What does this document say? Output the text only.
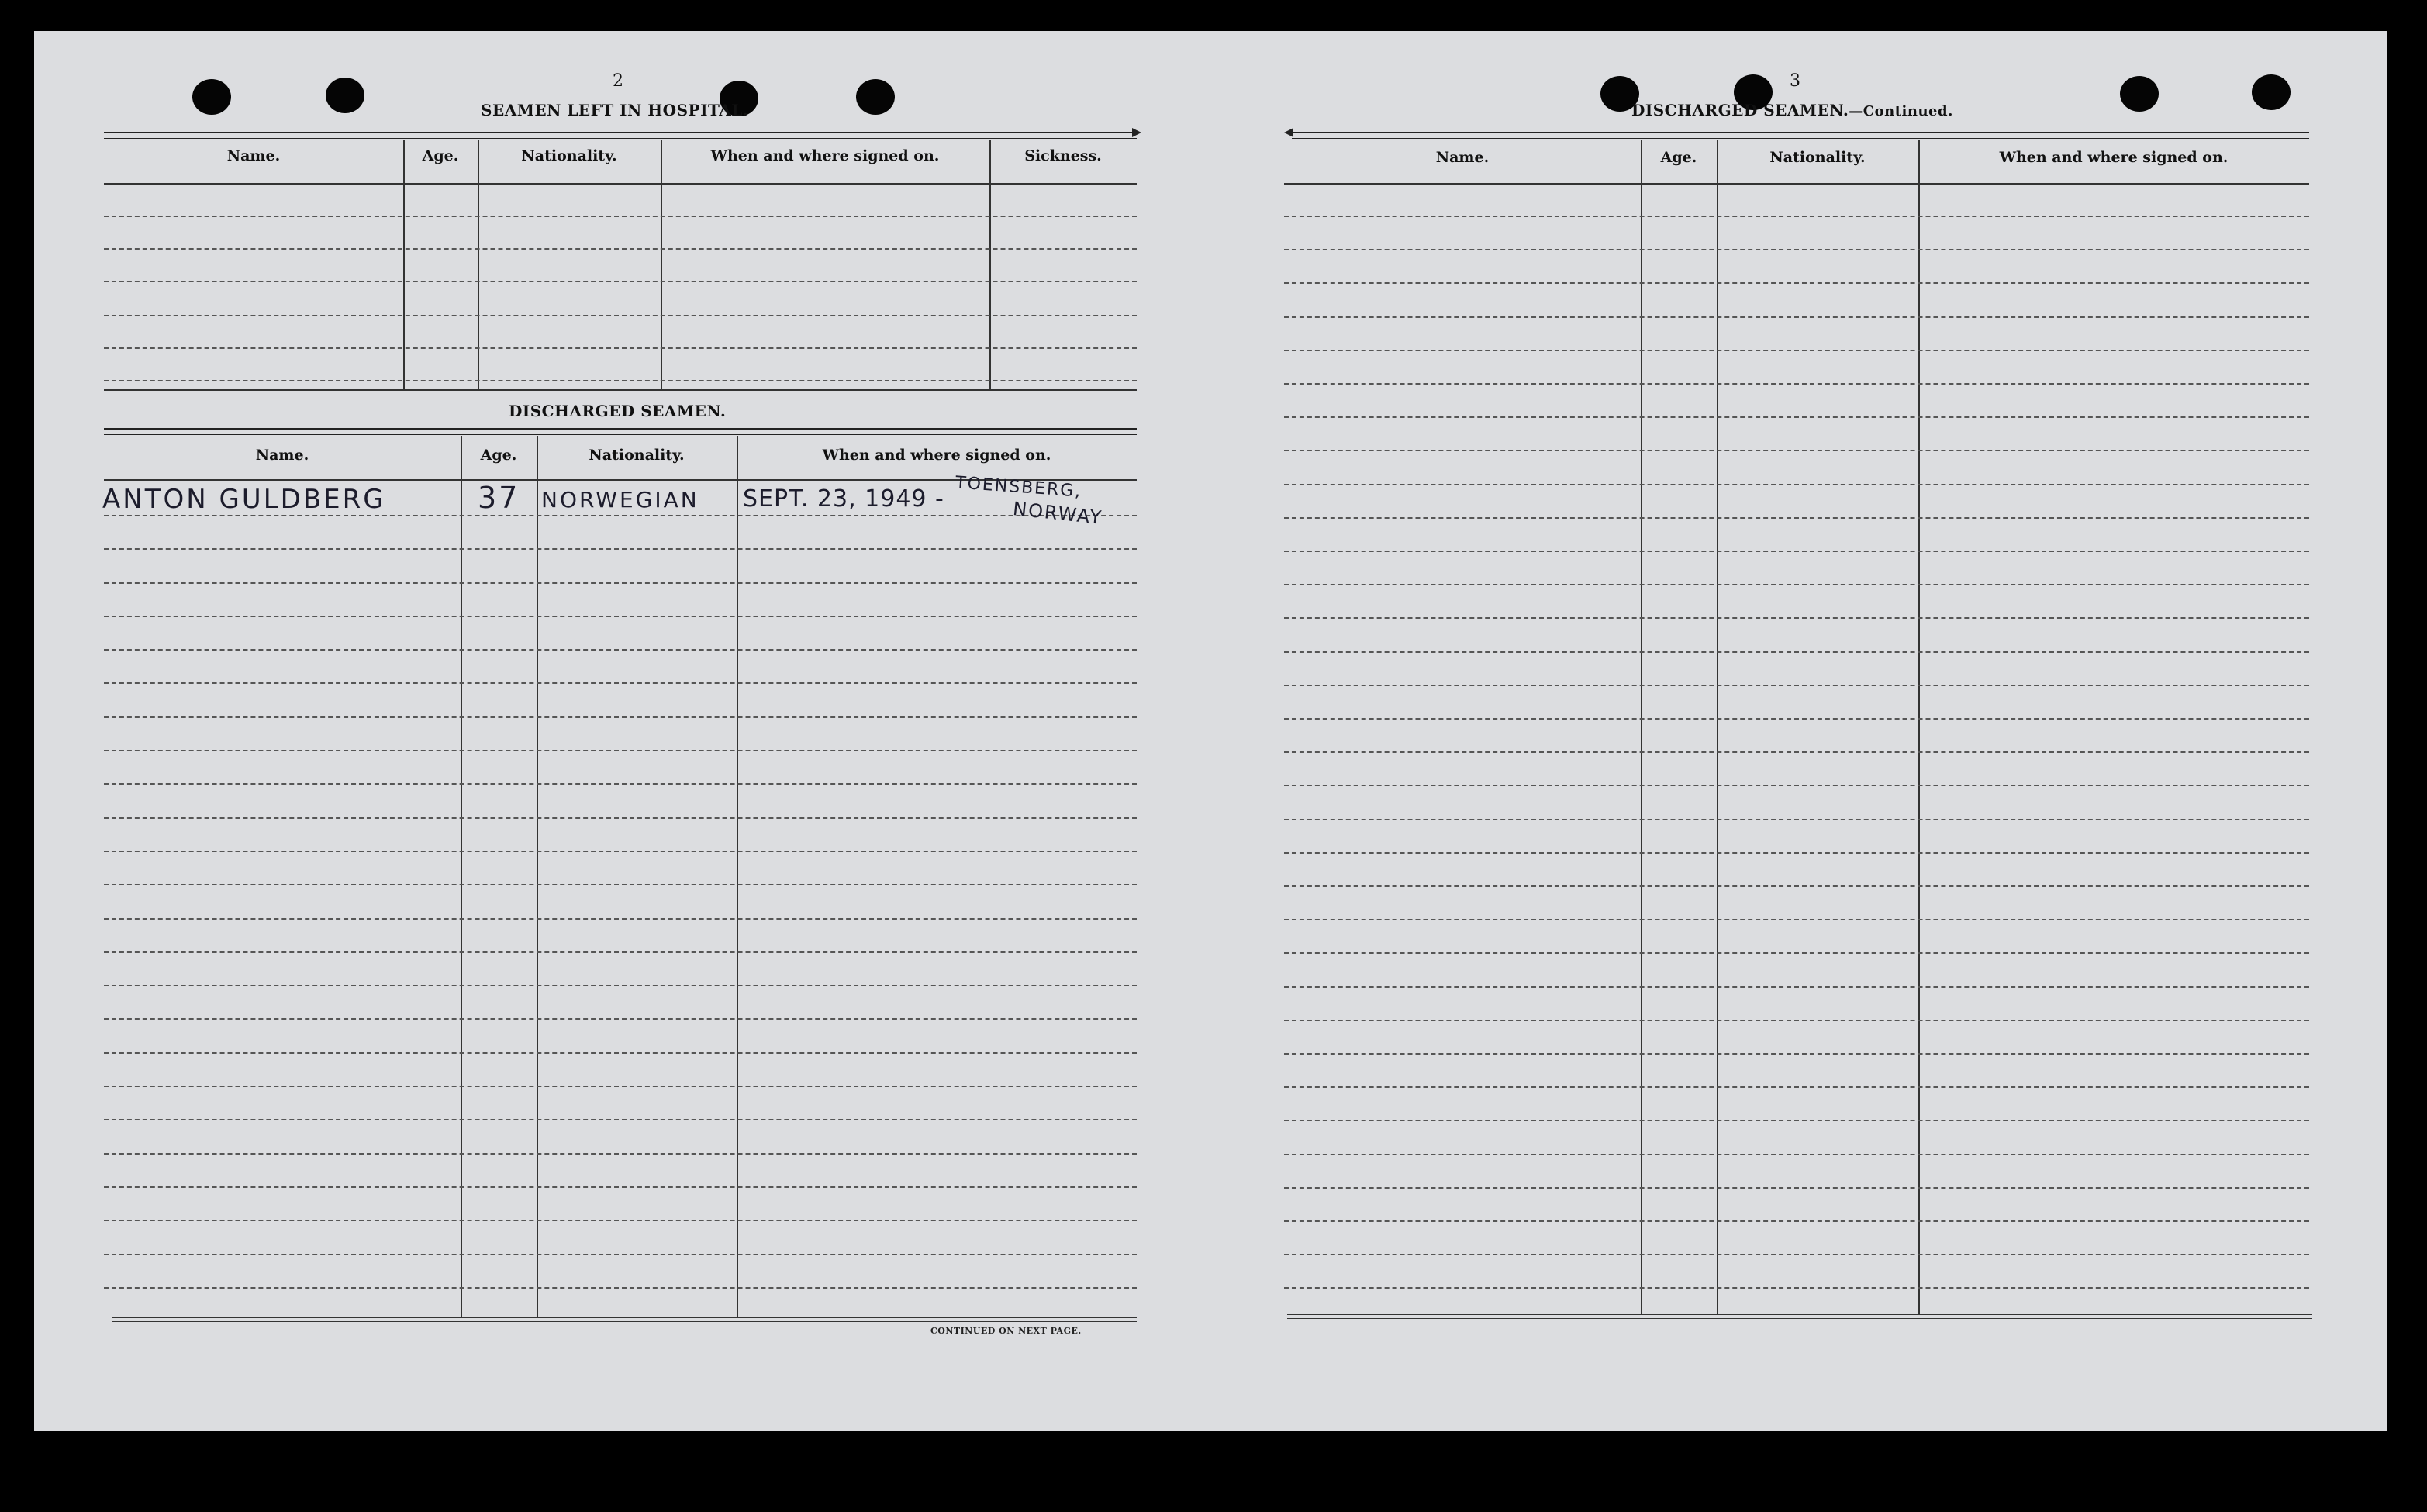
2
SEAMEN LEFT IN HOSPITAL.
Name.	Age.	Nationality.	When and where signed on.	Sickness.
DISCHARGED SEAMEN.
Name.	Age.	Nationality.	When and where signed on.
ANTON GULDBERG	37 NORWEGIAN SEPT. 23, 1949 - TOENSBERG,
NORWAY
CONTINUED ON NEXT PAGE.
3
DISCHARGED SEAMEN.—Continued.
Name.	Age.	Nationality.	When and where signed on.
